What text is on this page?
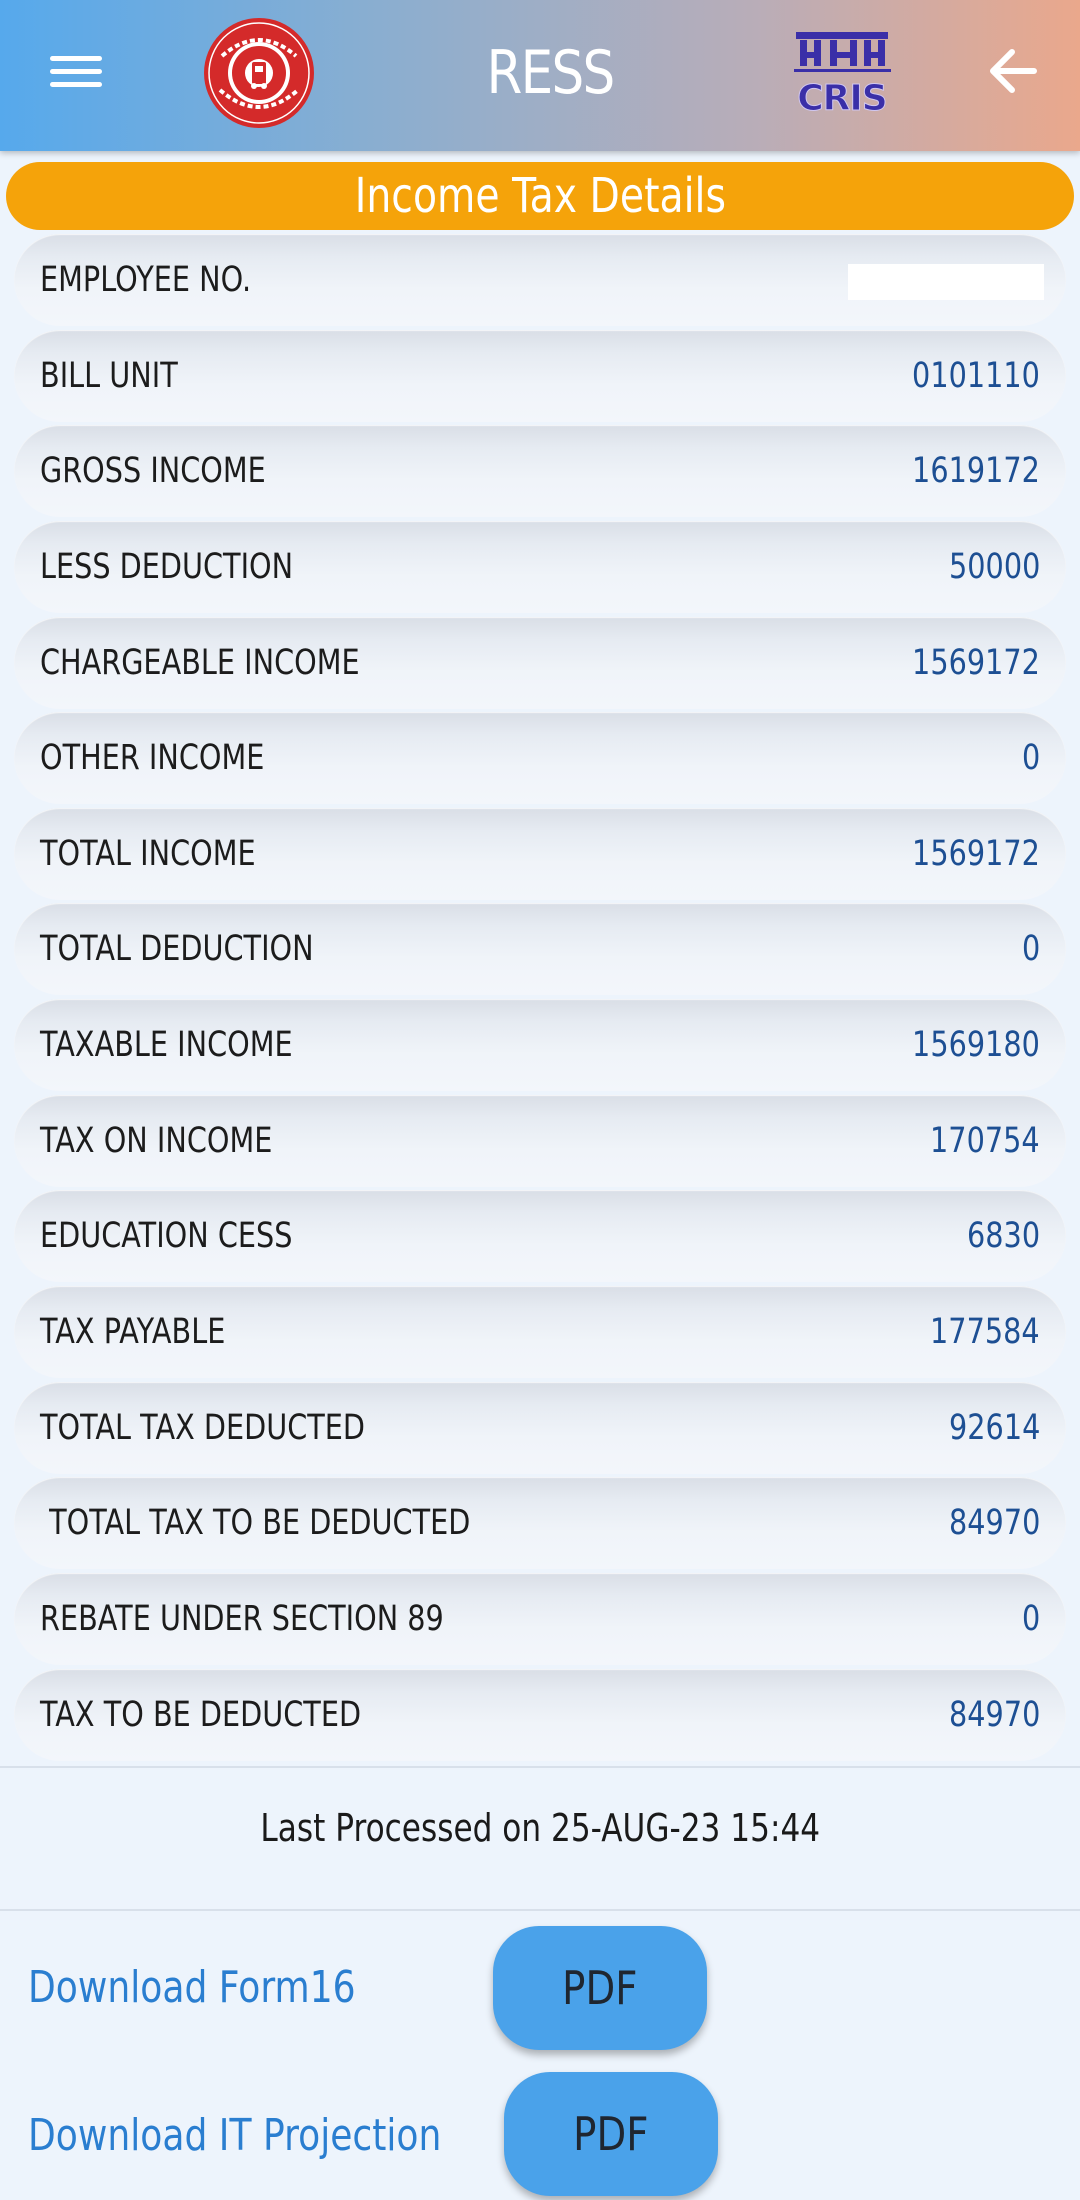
RESS	CRIS
Income Tax Details
EMPLOYEE NO.
BILL UNIT	0101110
GROSS INCOME	1619172
LESS DEDUCTION	50000
CHARGEABLE INCOME	1569172
OTHER INCOME	0
TOTAL INCOME	1569172
TOTAL DEDUCTION	0
TAXABLE INCOME	1569180
TAX ON INCOME	170754
EDUCATION CESS	6830
TAX PAYABLE	177584
TOTAL TAX DEDUCTED	92614
TOTAL TAX TO BE DEDUCTED	84970
REBATE UNDER SECTION 89	0
TAX TO BE DEDUCTED	84970
Last Processed on 25-AUG-23 15:44
Download Form16	PDF
Download IT Projection	PDF
